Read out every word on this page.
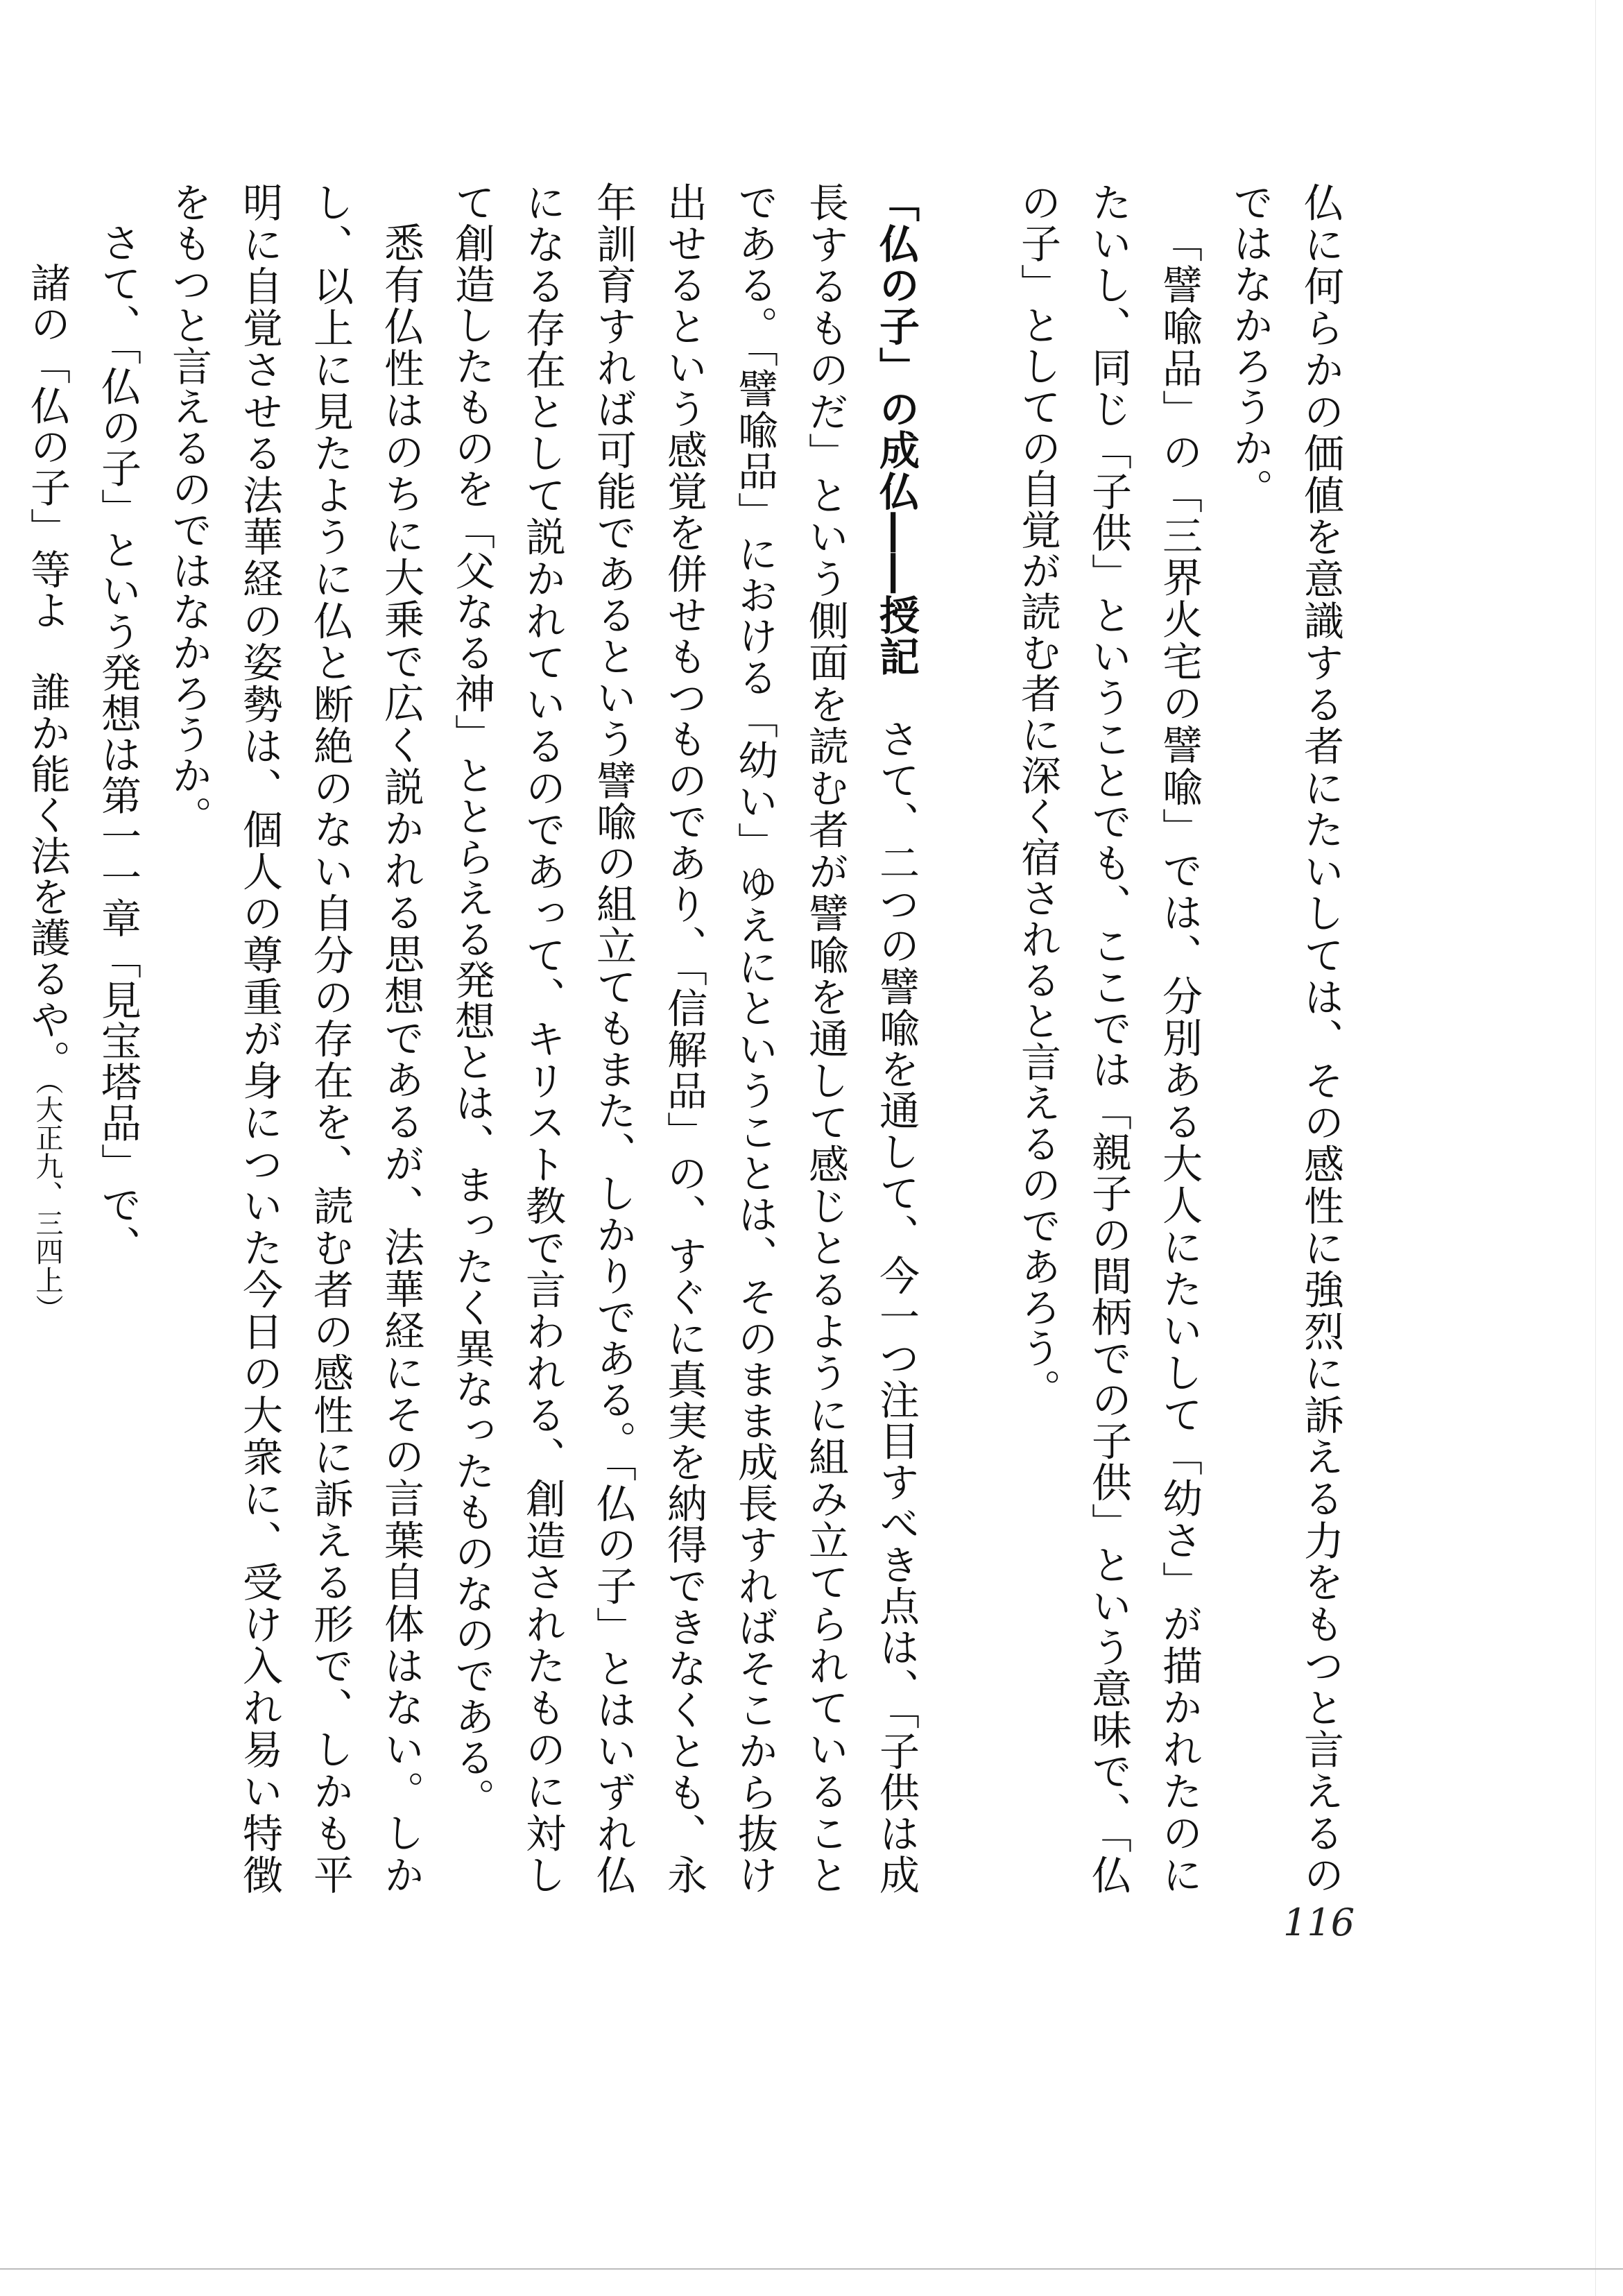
仏に何らかの価値を意識する者にたいしては、その感性に強烈に訴える力をもつと言えるのではなかろうか。

「譬喩品」の「三界火宅の譬喩」では、分別ある大人にたいして「幼さ」が描かれたのにたいし、同じ「子供」ということでも、ここでは「親子の間柄での子供」という意味で、「仏の子」としての自覚が読む者に深く宿されると言えるのであろう。

「仏の子」の成仏――授記　さて、二つの譬喩を通して、今一つ注目すべき点は、「子供は成長するものだ」という側面を読む者が譬喩を通して感じとるように組み立てられていることである。「譬喩品」における「幼い」ゆえにということは、そのまま成長すればそこから抜け出せるという感覚を併せもつものであり、「信解品」の、すぐに真実を納得できなくとも、永年訓育すれば可能であるという譬喩の組立てもまた、しかりである。「仏の子」とはいずれ仏になる存在として説かれているのであって、キリスト教で言われる、創造されたものに対して創造したものを「父なる神」ととらえる発想とは、まったく異なったものなのである。

悉有仏性はのちに大乗で広く説かれる思想であるが、法華経にその言葉自体はない。しかし、以上に見たように仏と断絶のない自分の存在を、読む者の感性に訴える形で、しかも平明に自覚させる法華経の姿勢は、個人の尊重が身についた今日の大衆に、受け入れ易い特徴をもつと言えるのではなかろうか。

さて、「仏の子」という発想は第一一章「見宝塔品」で、

諸の「仏の子」等よ　誰か能く法を護るや。（大正九、三四上）

116
